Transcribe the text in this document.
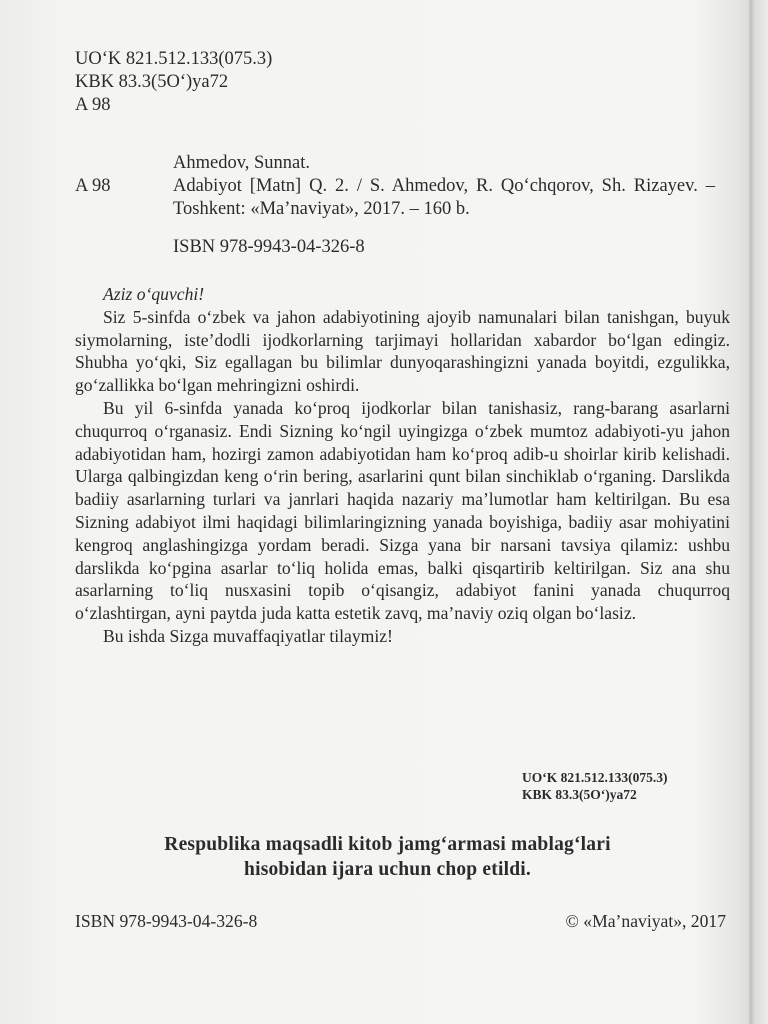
UO‘K 821.512.133(075.3)
KBK 83.3(5O‘)ya72
A 98
Ahmedov, Sunnat.
A 98	Adabiyot [Matn] Q. 2. / S. Ahmedov, R. Qo‘chqorov, Sh. Rizayev. – Toshkent: «Ma’naviyat», 2017. – 160 b.
ISBN 978-9943-04-326-8
Aziz o‘quvchi!

Siz 5-sinfda o‘zbek va jahon adabiyotining ajoyib namunalari bilan tanishgan, buyuk siymolarning, iste’dodli ijodkorlarning tarjimayi hollaridan xabardor bo‘lgan edingiz. Shubha yo‘qki, Siz egallagan bu bilimlar dunyoqarashingizni yanada boyitdi, ezgulikka, go‘zallikka bo‘lgan mehringizni oshirdi.

Bu yil 6-sinfda yanada ko‘proq ijodkorlar bilan tanishasiz, rang-barang asarlarni chuqurroq o‘rganasiz. Endi Sizning ko‘ngil uyingizga o‘zbek mumtoz adabiyoti-yu jahon adabiyotidan ham, hozirgi zamon adabiyotidan ham ko‘proq adib-u shoirlar kirib kelishadi. Ularga qalbingizdan keng o‘rin bering, asarlarini qunt bilan sinchiklab o‘rganing. Darslikda badiiy asarlarning turlari va janrlari haqida nazariy ma’lumotlar ham keltirilgan. Bu esa Sizning adabiyot ilmi haqidagi bilimlaringizning yanada boyishiga, badiiy asar mohiyatini kengroq anglashingizga yordam beradi. Sizga yana bir narsani tavsiya qilamiz: ushbu darslikda ko‘pgina asarlar to‘liq holida emas, balki qisqartirib keltirilgan. Siz ana shu asarlarning to‘liq nusxasini topib o‘qisangiz, adabiyot fanini yanada chuqurroq o‘zlashtirgan, ayni paytda juda katta estetik zavq, ma’naviy oziq olgan bo‘lasiz.

Bu ishda Sizga muvaffaqiyatlar tilaymiz!

UO‘K 821.512.133(075.3)
KBK 83.3(5O‘)ya72
Respublika maqsadli kitob jamg‘armasi mablag‘lari
hisobidan ijara uchun chop etildi.
ISBN 978-9943-04-326-8	© «Ma’naviyat», 2017
